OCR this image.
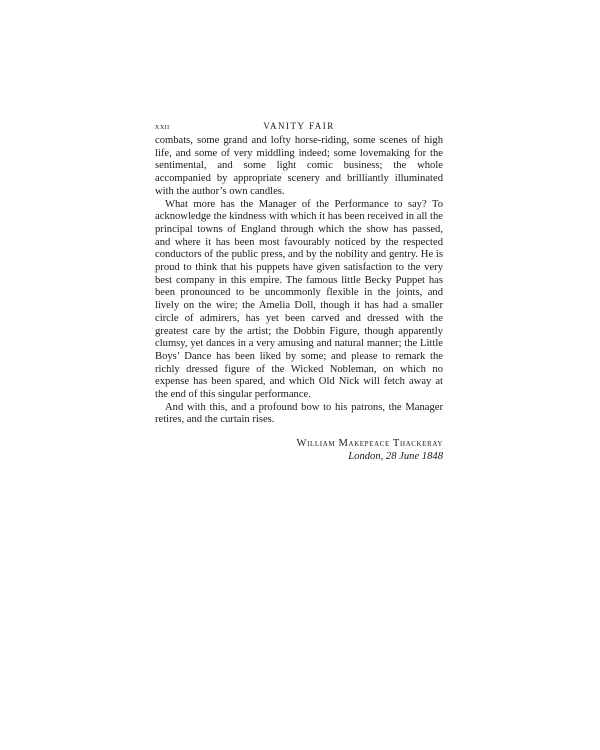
xxii	VANITY FAIR

combats, some grand and lofty horse-riding, some scenes of high life, and some of very middling indeed; some lovemaking for the sentimental, and some light comic business; the whole accompanied by appropriate scenery and brilliantly illuminated with the author’s own candles.

What more has the Manager of the Performance to say? To acknowledge the kindness with which it has been received in all the principal towns of England through which the show has passed, and where it has been most favourably noticed by the respected conductors of the public press, and by the nobility and gentry. He is proud to think that his puppets have given satisfaction to the very best company in this empire. The famous little Becky Puppet has been pronounced to be uncommonly flexible in the joints, and lively on the wire; the Amelia Doll, though it has had a smaller circle of admirers, has yet been carved and dressed with the greatest care by the artist; the Dobbin Figure, though apparently clumsy, yet dances in a very amusing and natural manner; the Little Boys’ Dance has been liked by some; and please to remark the richly dressed figure of the Wicked Nobleman, on which no expense has been spared, and which Old Nick will fetch away at the end of this singular performance.

And with this, and a profound bow to his patrons, the Manager retires, and the curtain rises.

William Makepeace Thackeray
London, 28 June 1848
